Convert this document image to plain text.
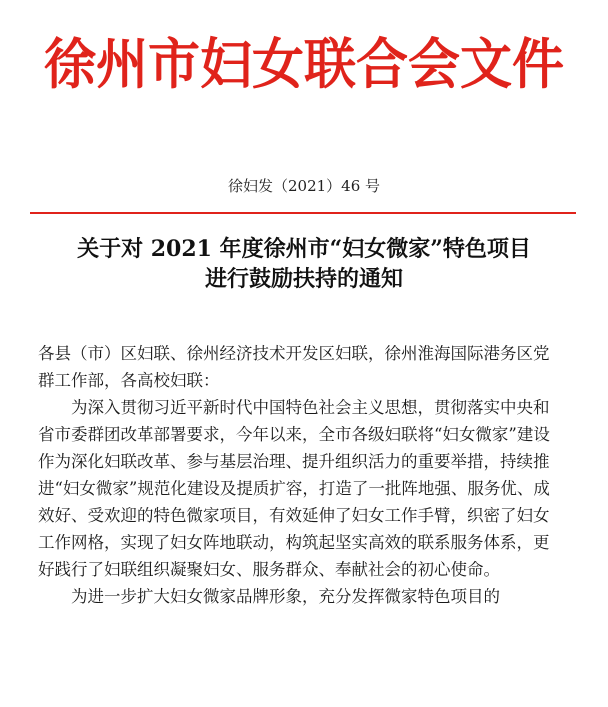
徐州市妇女联合会文件
徐妇发（2021）46 号
关于对 2021 年度徐州市“妇女微家”特色项目
进行鼓励扶持的通知

各县（市）区妇联、徐州经济技术开发区妇联，徐州淮海国际港务区党群工作部，各高校妇联：

为深入贯彻习近平新时代中国特色社会主义思想，贯彻落实中央和省市委群团改革部署要求，今年以来，全市各级妇联将“妇女微家”建设作为深化妇联改革、参与基层治理、提升组织活力的重要举措，持续推进“妇女微家”规范化建设及提质扩容，打造了一批阵地强、服务优、成效好、受欢迎的特色微家项目，有效延伸了妇女工作手臂，织密了妇女工作网格，实现了妇女阵地联动，构筑起坚实高效的联系服务体系，更好践行了妇联组织凝聚妇女、服务群众、奉献社会的初心使命。

为进一步扩大妇女微家品牌形象，充分发挥微家特色项目的
